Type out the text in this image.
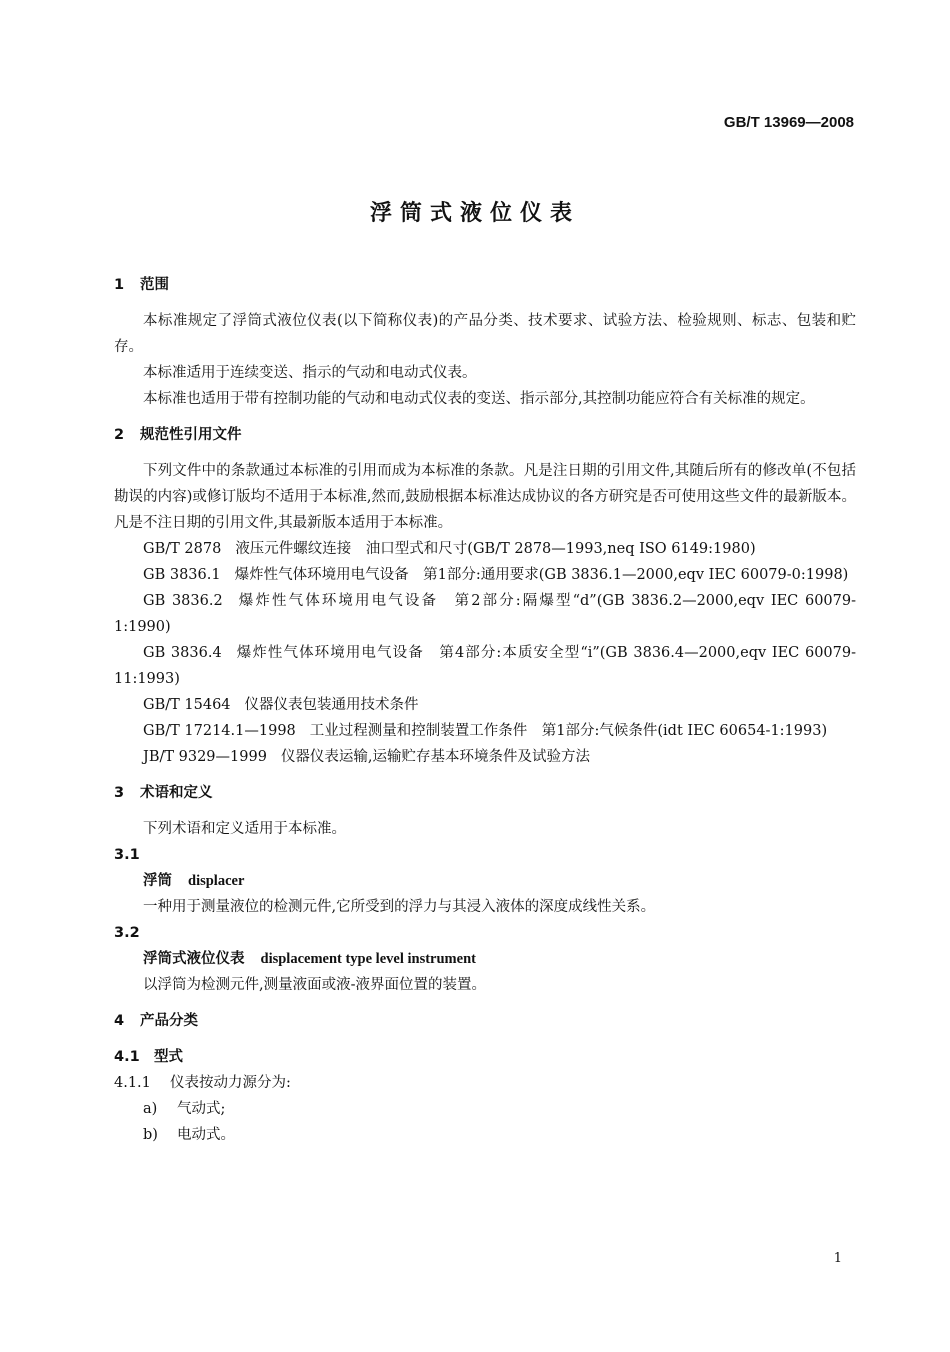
GB/T 13969—2008
浮筒式液位仪表

1 范围

本标准规定了浮筒式液位仪表(以下简称仪表)的产品分类、技术要求、试验方法、检验规则、标志、包装和贮存。

本标准适用于连续变送、指示的气动和电动式仪表。

本标准也适用于带有控制功能的气动和电动式仪表的变送、指示部分,其控制功能应符合有关标准的规定。

2 规范性引用文件

下列文件中的条款通过本标准的引用而成为本标准的条款。凡是注日期的引用文件,其随后所有的修改单(不包括勘误的内容)或修订版均不适用于本标准,然而,鼓励根据本标准达成协议的各方研究是否可使用这些文件的最新版本。凡是不注日期的引用文件,其最新版本适用于本标准。

GB/T 2878 液压元件螺纹连接　油口型式和尺寸(GB/T 2878—1993,neq ISO 6149:1980)

GB 3836.1 爆炸性气体环境用电气设备　第1部分:通用要求(GB 3836.1—2000,eqv IEC 60079-0:1998)

GB 3836.2 爆炸性气体环境用电气设备　第2部分:隔爆型“d”(GB 3836.2—2000,eqv IEC 60079-1:1990)

GB 3836.4 爆炸性气体环境用电气设备　第4部分:本质安全型“i”(GB 3836.4—2000,eqv IEC 60079-11:1993)

GB/T 15464 仪器仪表包装通用技术条件

GB/T 17214.1—1998 工业过程测量和控制装置工作条件　第1部分:气候条件(idt IEC 60654-1:1993)

JB/T 9329—1999 仪器仪表运输,运输贮存基本环境条件及试验方法

3 术语和定义

下列术语和定义适用于本标准。

3.1

浮筒 displacer

一种用于测量液位的检测元件,它所受到的浮力与其浸入液体的深度成线性关系。

3.2

浮筒式液位仪表 displacement type level instrument

以浮筒为检测元件,测量液面或液-液界面位置的装置。

4 产品分类

4.1 型式

4.1.1 仪表按动力源分为:

a) 气动式;

b) 电动式。

1
